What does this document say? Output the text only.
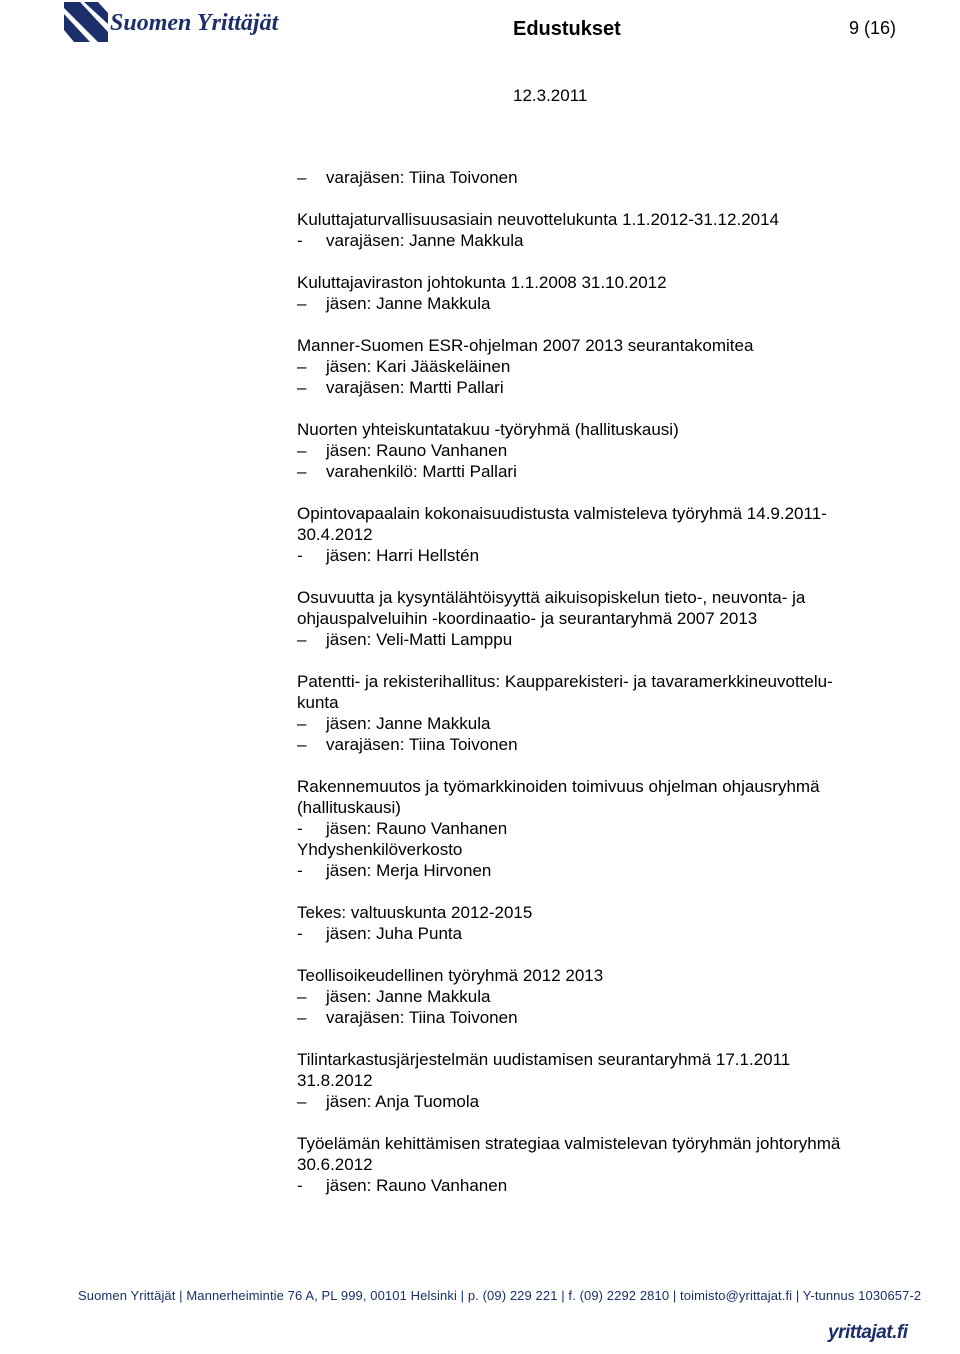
Suomen Yrittäjät	Edustukset	9 (16)
12.3.2011
–	varajäsen: Tiina Toivonen
Kuluttajaturvallisuusasiain neuvottelukunta 1.1.2012-31.12.2014
-	varajäsen: Janne Makkula
Kuluttajaviraston johtokunta 1.1.2008 31.10.2012
–	jäsen: Janne Makkula
Manner-Suomen ESR-ohjelman 2007 2013 seurantakomitea
–	jäsen: Kari Jääskeläinen
–	varajäsen: Martti Pallari
Nuorten yhteiskuntatakuu -työryhmä (hallituskausi)
–	jäsen: Rauno Vanhanen
–	varahenkilö: Martti Pallari
Opintovapaalain kokonaisuudistusta valmisteleva työryhmä 14.9.2011-
30.4.2012
-	jäsen: Harri Hellstén
Osuvuutta ja kysyntälähtöisyyttä aikuisopiskelun tieto-, neuvonta- ja
ohjauspalveluihin -koordinaatio- ja seurantaryhmä 2007 2013
–	jäsen: Veli-Matti Lamppu
Patentti- ja rekisterihallitus: Kaupparekisteri- ja tavaramerkkineuvottelu-
kunta
–	jäsen: Janne Makkula
–	varajäsen: Tiina Toivonen
Rakennemuutos ja työmarkkinoiden toimivuus ohjelman ohjausryhmä
(hallituskausi)
-	jäsen: Rauno Vanhanen
Yhdyshenkilöverkosto
-	jäsen: Merja Hirvonen
Tekes: valtuuskunta 2012-2015
-	jäsen: Juha Punta
Teollisoikeudellinen työryhmä 2012 2013
–	jäsen: Janne Makkula
–	varajäsen: Tiina Toivonen
Tilintarkastusjärjestelmän uudistamisen seurantaryhmä 17.1.2011
31.8.2012
–	jäsen: Anja Tuomola
Työelämän kehittämisen strategiaa valmistelevan työryhmän johtoryhmä
30.6.2012
-	jäsen: Rauno Vanhanen
Suomen Yrittäjät | Mannerheimintie 76 A, PL 999, 00101 Helsinki | p. (09) 229 221 | f. (09) 2292 2810 | toimisto@yrittajat.fi | Y-tunnus 1030657-2
yrittajat.fi
